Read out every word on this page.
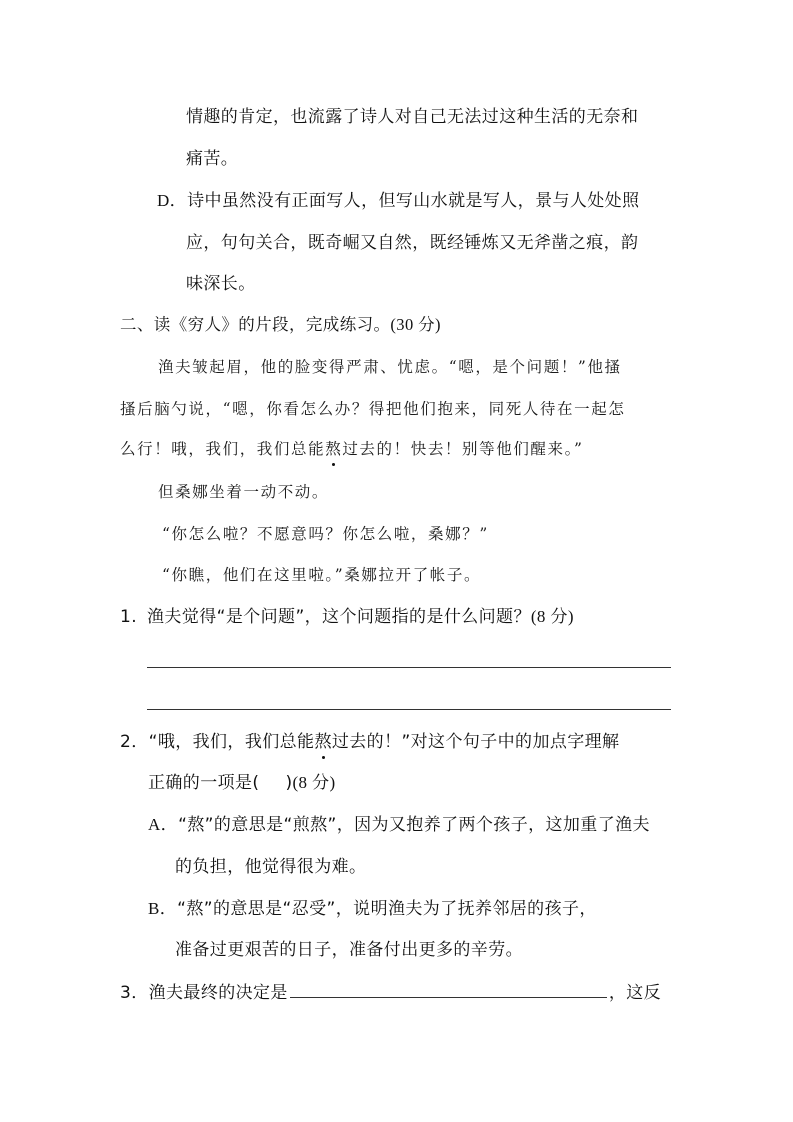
情趣的肯定，也流露了诗人对自己无法过这种生活的无奈和
痛苦。
D．诗中虽然没有正面写人，但写山水就是写人，景与人处处照
应，句句关合，既奇崛又自然，既经锤炼又无斧凿之痕，韵
味深长。
二、读《穷人》的片段，完成练习。(30 分)
渔夫皱起眉，他的脸变得严肃、忧虑。“嗯，是个问题！”他搔
搔后脑勺说，“嗯，你看怎么办？得把他们抱来，同死人待在一起怎
么行！哦，我们，我们总能熬过去的！快去！别等他们醒来。”
但桑娜坐着一动不动。
“你怎么啦？不愿意吗？你怎么啦，桑娜？”
“你瞧，他们在这里啦。”桑娜拉开了帐子。
1. 渔夫觉得“是个问题”，这个问题指的是什么问题？(8 分)
2．“哦，我们，我们总能熬过去的！”对这个句子中的加点字理解
正确的一项是( )(8 分)
A．“熬”的意思是“煎熬”，因为又抱养了两个孩子，这加重了渔夫
的负担，他觉得很为难。
B．“熬”的意思是“忍受”，说明渔夫为了抚养邻居的孩子，
准备过更艰苦的日子，准备付出更多的辛劳。
3．渔夫最终的决定是	，这反
